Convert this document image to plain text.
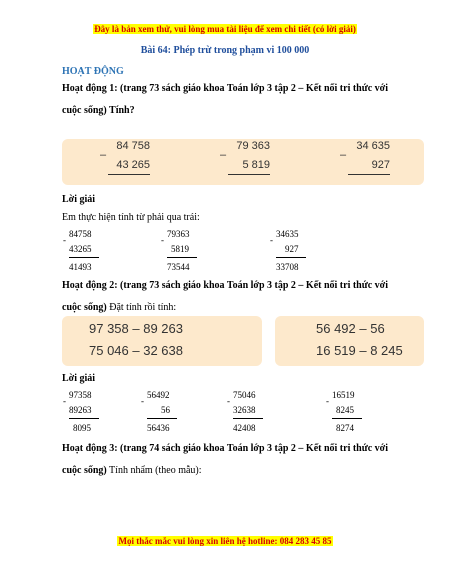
Đây là bản xem thử, vui lòng mua tài liệu để xem chi tiết (có lời giải)
Bài 64: Phép trừ trong phạm vi 100 000
HOẠT ĐỘNG
Hoạt động 1: (trang 73 sách giáo khoa Toán lớp 3 tập 2 – Kết nối tri thức với cuộc sống) Tính?
–
84 758
43 265
–
79 363
5 819
–
34 635
927
Lời giải
Em thực hiện tính từ phải qua trái:
-
84758
43265
41493
-
79363
5819
73544
-
34635
927
33708
Hoạt động 2: (trang 73 sách giáo khoa Toán lớp 3 tập 2 – Kết nối tri thức với cuộc sống) Đặt tính rồi tính:
97 358 – 89 263
75 046 – 32 638
56 492 – 56
16 519 – 8 245
Lời giải
-
97358
89263
8095
-
56492
56
56436
-
75046
32638
42408
-
16519
8245
8274
Hoạt động 3: (trang 74 sách giáo khoa Toán lớp 3 tập 2 – Kết nối tri thức với cuộc sống) Tính nhẩm (theo mẫu):
Mọi thắc mắc vui lòng xin liên hệ hotline: 084 283 45 85
